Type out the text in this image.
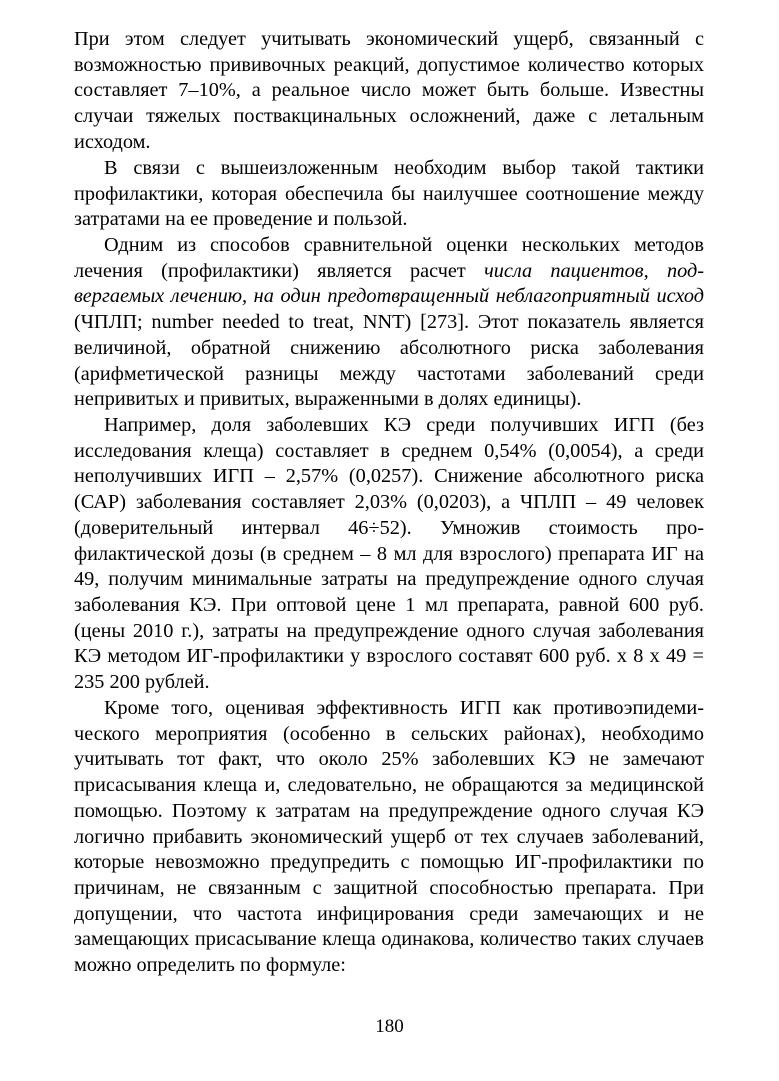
При этом следует учитывать экономический ущерб, связанный с возможностью прививочных реакций, допустимое количество которых составляет 7–10%, а реальное число может быть больше. Известны случаи тяжелых поствакцинальных осложнений, даже с летальным исходом.

В связи с вышеизложенным необходим выбор такой тактики профилактики, которая обеспечила бы наилучшее соотношение между затратами на ее проведение и пользой.

Одним из способов сравнительной оценки нескольких методов лечения (профилактики) является расчет числа пациентов, подвергаемых лечению, на один предотвращенный неблагоприятный исход (ЧПЛП; number needed to treat, NNT) [273]. Этот показатель является величиной, обратной снижению абсолютного риска заболевания (арифметической разницы между частотами заболеваний среди непривитых и привитых, выраженными в долях единицы).

Например, доля заболевших КЭ среди получивших ИГП (без исследования клеща) составляет в среднем 0,54% (0,0054), а среди неполучивших ИГП – 2,57% (0,0257). Снижение абсолютного риска (САР) заболевания составляет 2,03% (0,0203), а ЧПЛП – 49 человек (доверительный интервал 46÷52). Умножив стоимость профилактической дозы (в среднем – 8 мл для взрослого) препарата ИГ на 49, получим минимальные затраты на предупреждение одного случая заболевания КЭ. При оптовой цене 1 мл препарата, равной 600 руб. (цены 2010 г.), затраты на предупреждение одного случая заболевания КЭ методом ИГ-профилактики у взрослого составят 600 руб. х 8 х 49 = 235 200 рублей.

Кроме того, оценивая эффективность ИГП как противоэпидемического мероприятия (особенно в сельских районах), необходимо учитывать тот факт, что около 25% заболевших КЭ не замечают присасывания клеща и, следовательно, не обращаются за медицинской помощью. Поэтому к затратам на предупреждение одного случая КЭ логично прибавить экономический ущерб от тех случаев заболеваний, которые невозможно предупредить с помощью ИГ-профилактики по причинам, не связанным с защитной способностью препарата. При допущении, что частота инфицирования среди замечающих и не замещающих присасывание клеща одинакова, количество таких случаев можно определить по формуле:

180
